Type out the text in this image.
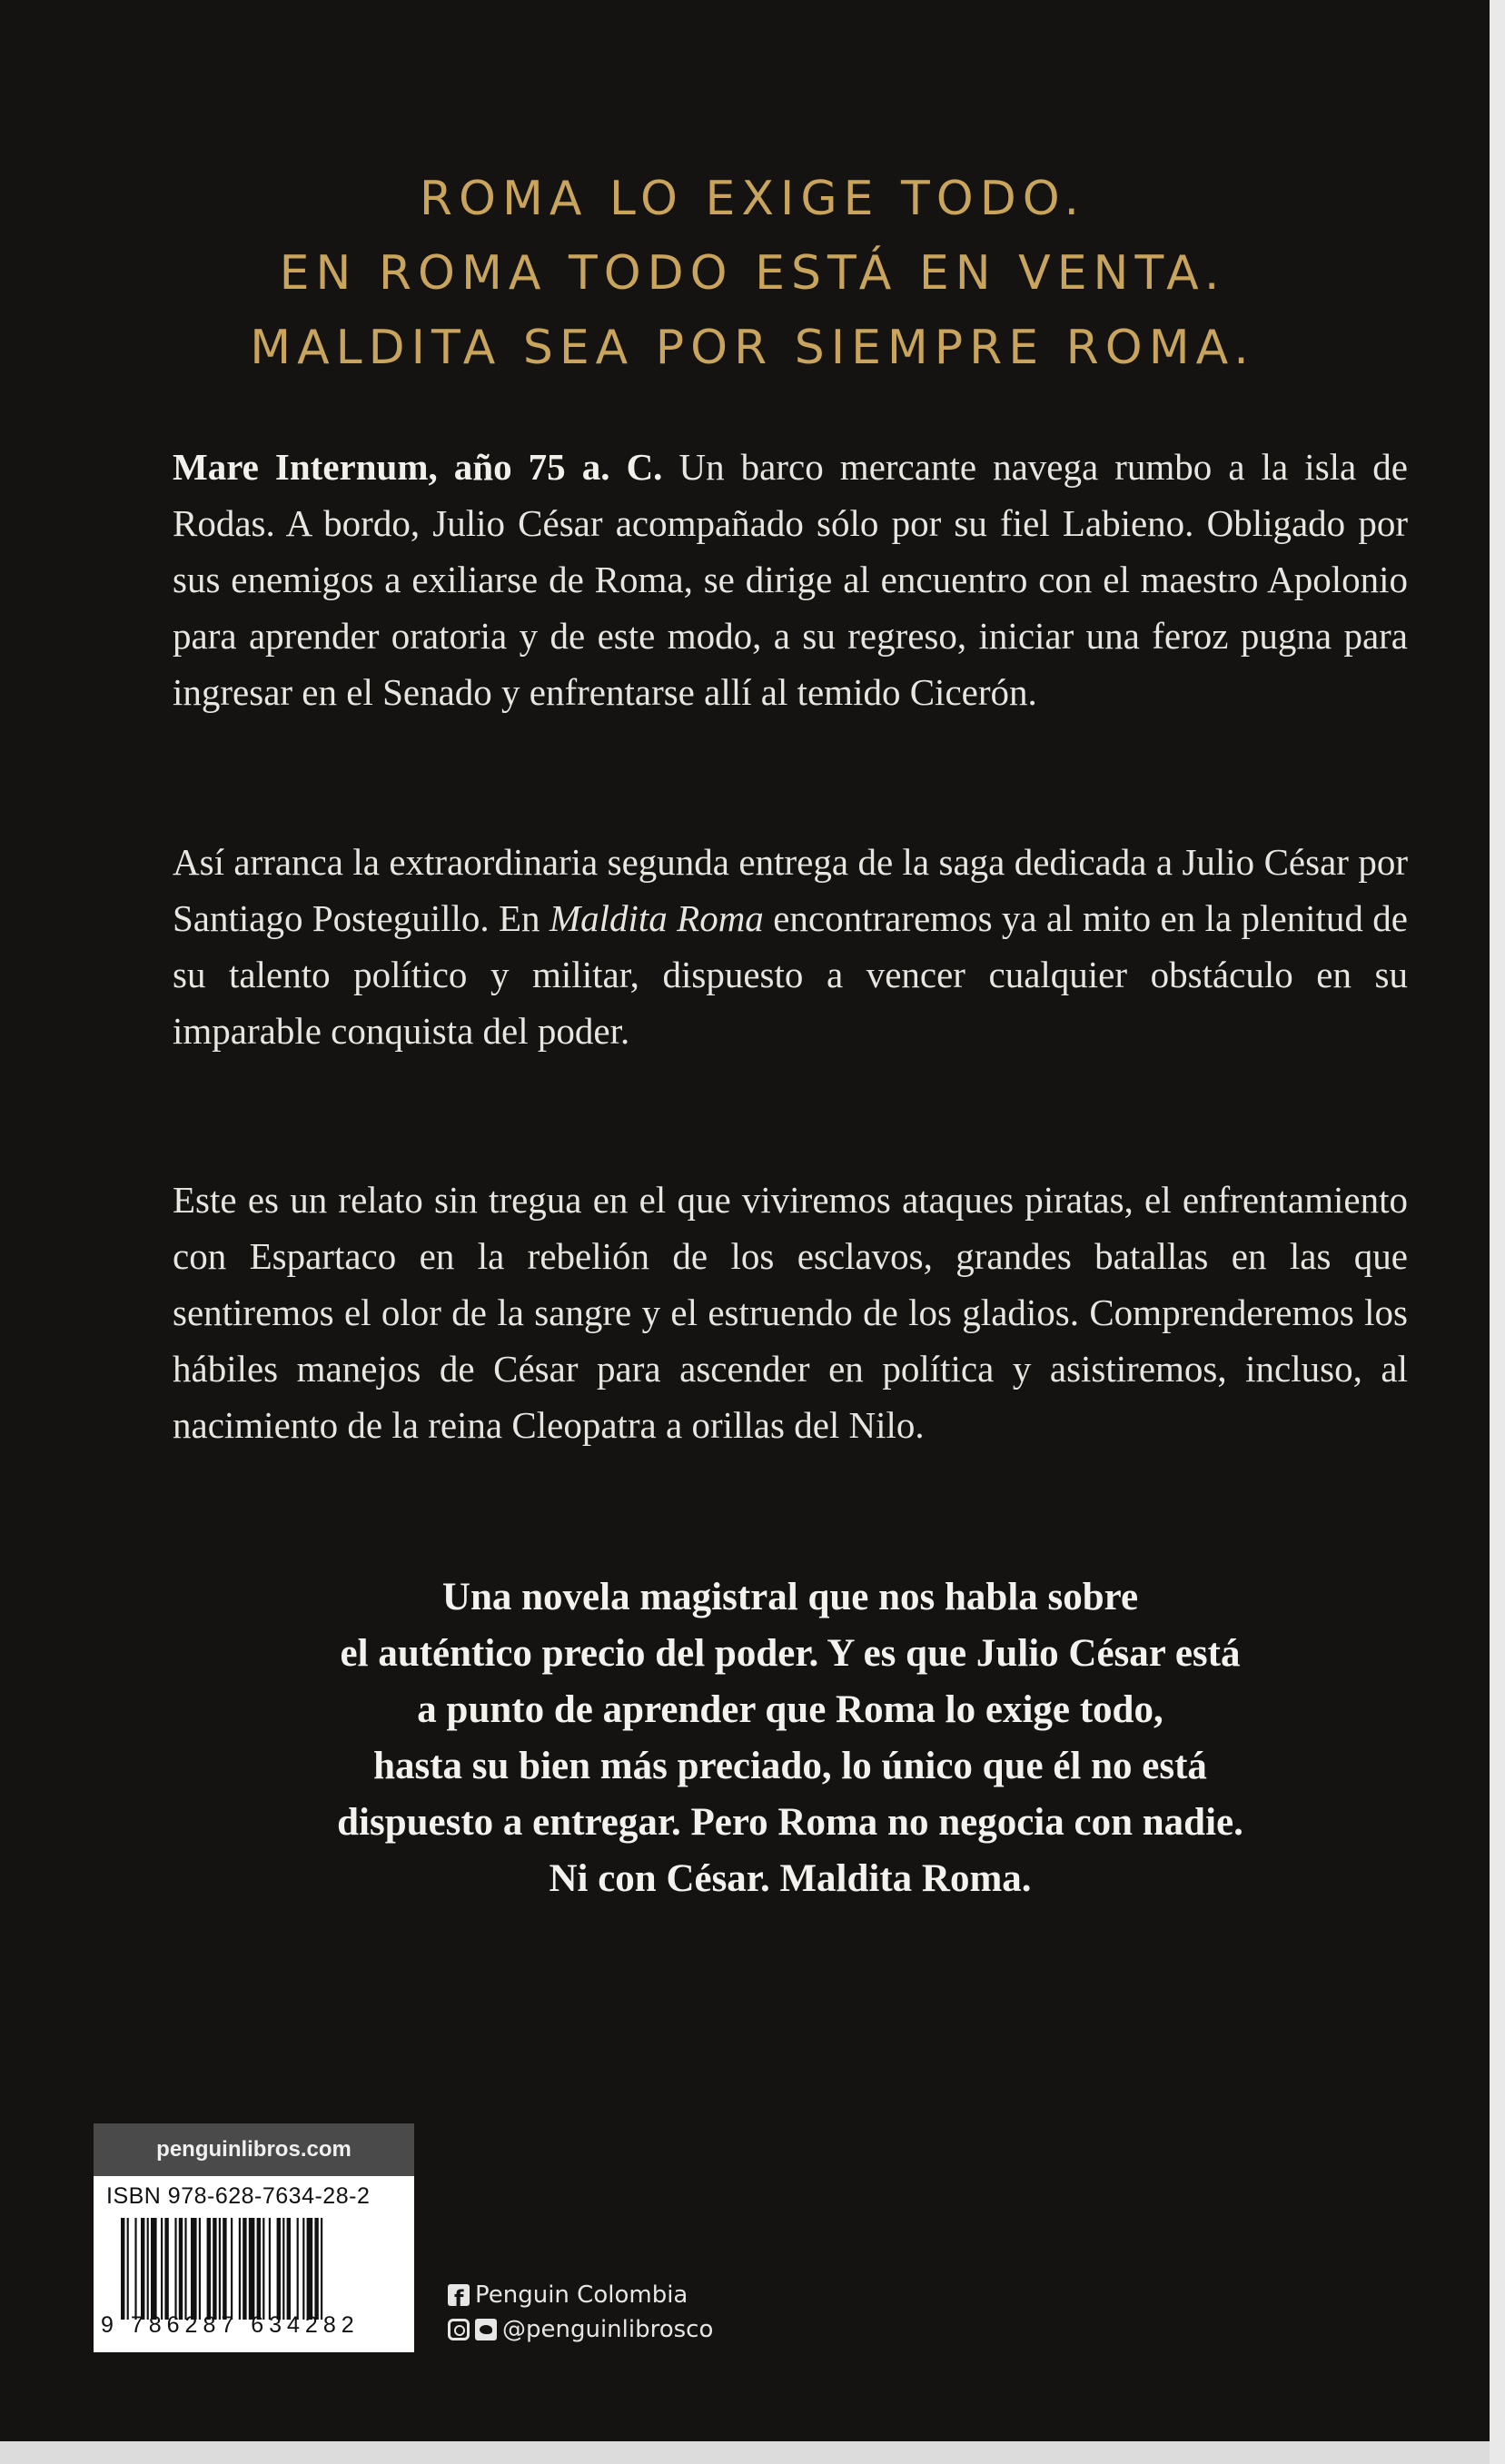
ROMA LO EXIGE TODO.
EN ROMA TODO ESTÁ EN VENTA.
MALDITA SEA POR SIEMPRE ROMA.

Mare Internum, año 75 a. C. Un barco mercante navega rumbo a la isla de Rodas. A bordo, Julio César acompañado sólo por su fiel Labieno. Obligado por sus enemigos a exiliarse de Roma, se dirige al encuentro con el maestro Apolonio para aprender oratoria y de este modo, a su regreso, iniciar una feroz pugna para ingresar en el Senado y enfrentarse allí al temido Cicerón.

Así arranca la extraordinaria segunda entrega de la saga dedicada a Julio César por Santiago Posteguillo. En Maldita Roma encontraremos ya al mito en la plenitud de su talento político y militar, dispuesto a vencer cualquier obstáculo en su imparable conquista del poder.

Este es un relato sin tregua en el que viviremos ataques piratas, el enfrentamiento con Espartaco en la rebelión de los esclavos, grandes batallas en las que sentiremos el olor de la sangre y el estruendo de los gladios. Comprenderemos los hábiles manejos de César para ascender en política y asistiremos, incluso, al nacimiento de la reina Cleopatra a orillas del Nilo.

Una novela magistral que nos habla sobre
el auténtico precio del poder. Y es que Julio César está
a punto de aprender que Roma lo exige todo,
hasta su bien más preciado, lo único que él no está
dispuesto a entregar. Pero Roma no negocia con nadie.
Ni con César. Maldita Roma.
penguinlibros.com
ISBN 978-628-7634-28-2
9 786287 634282
f
Penguin Colombia
@penguinlibrosco
